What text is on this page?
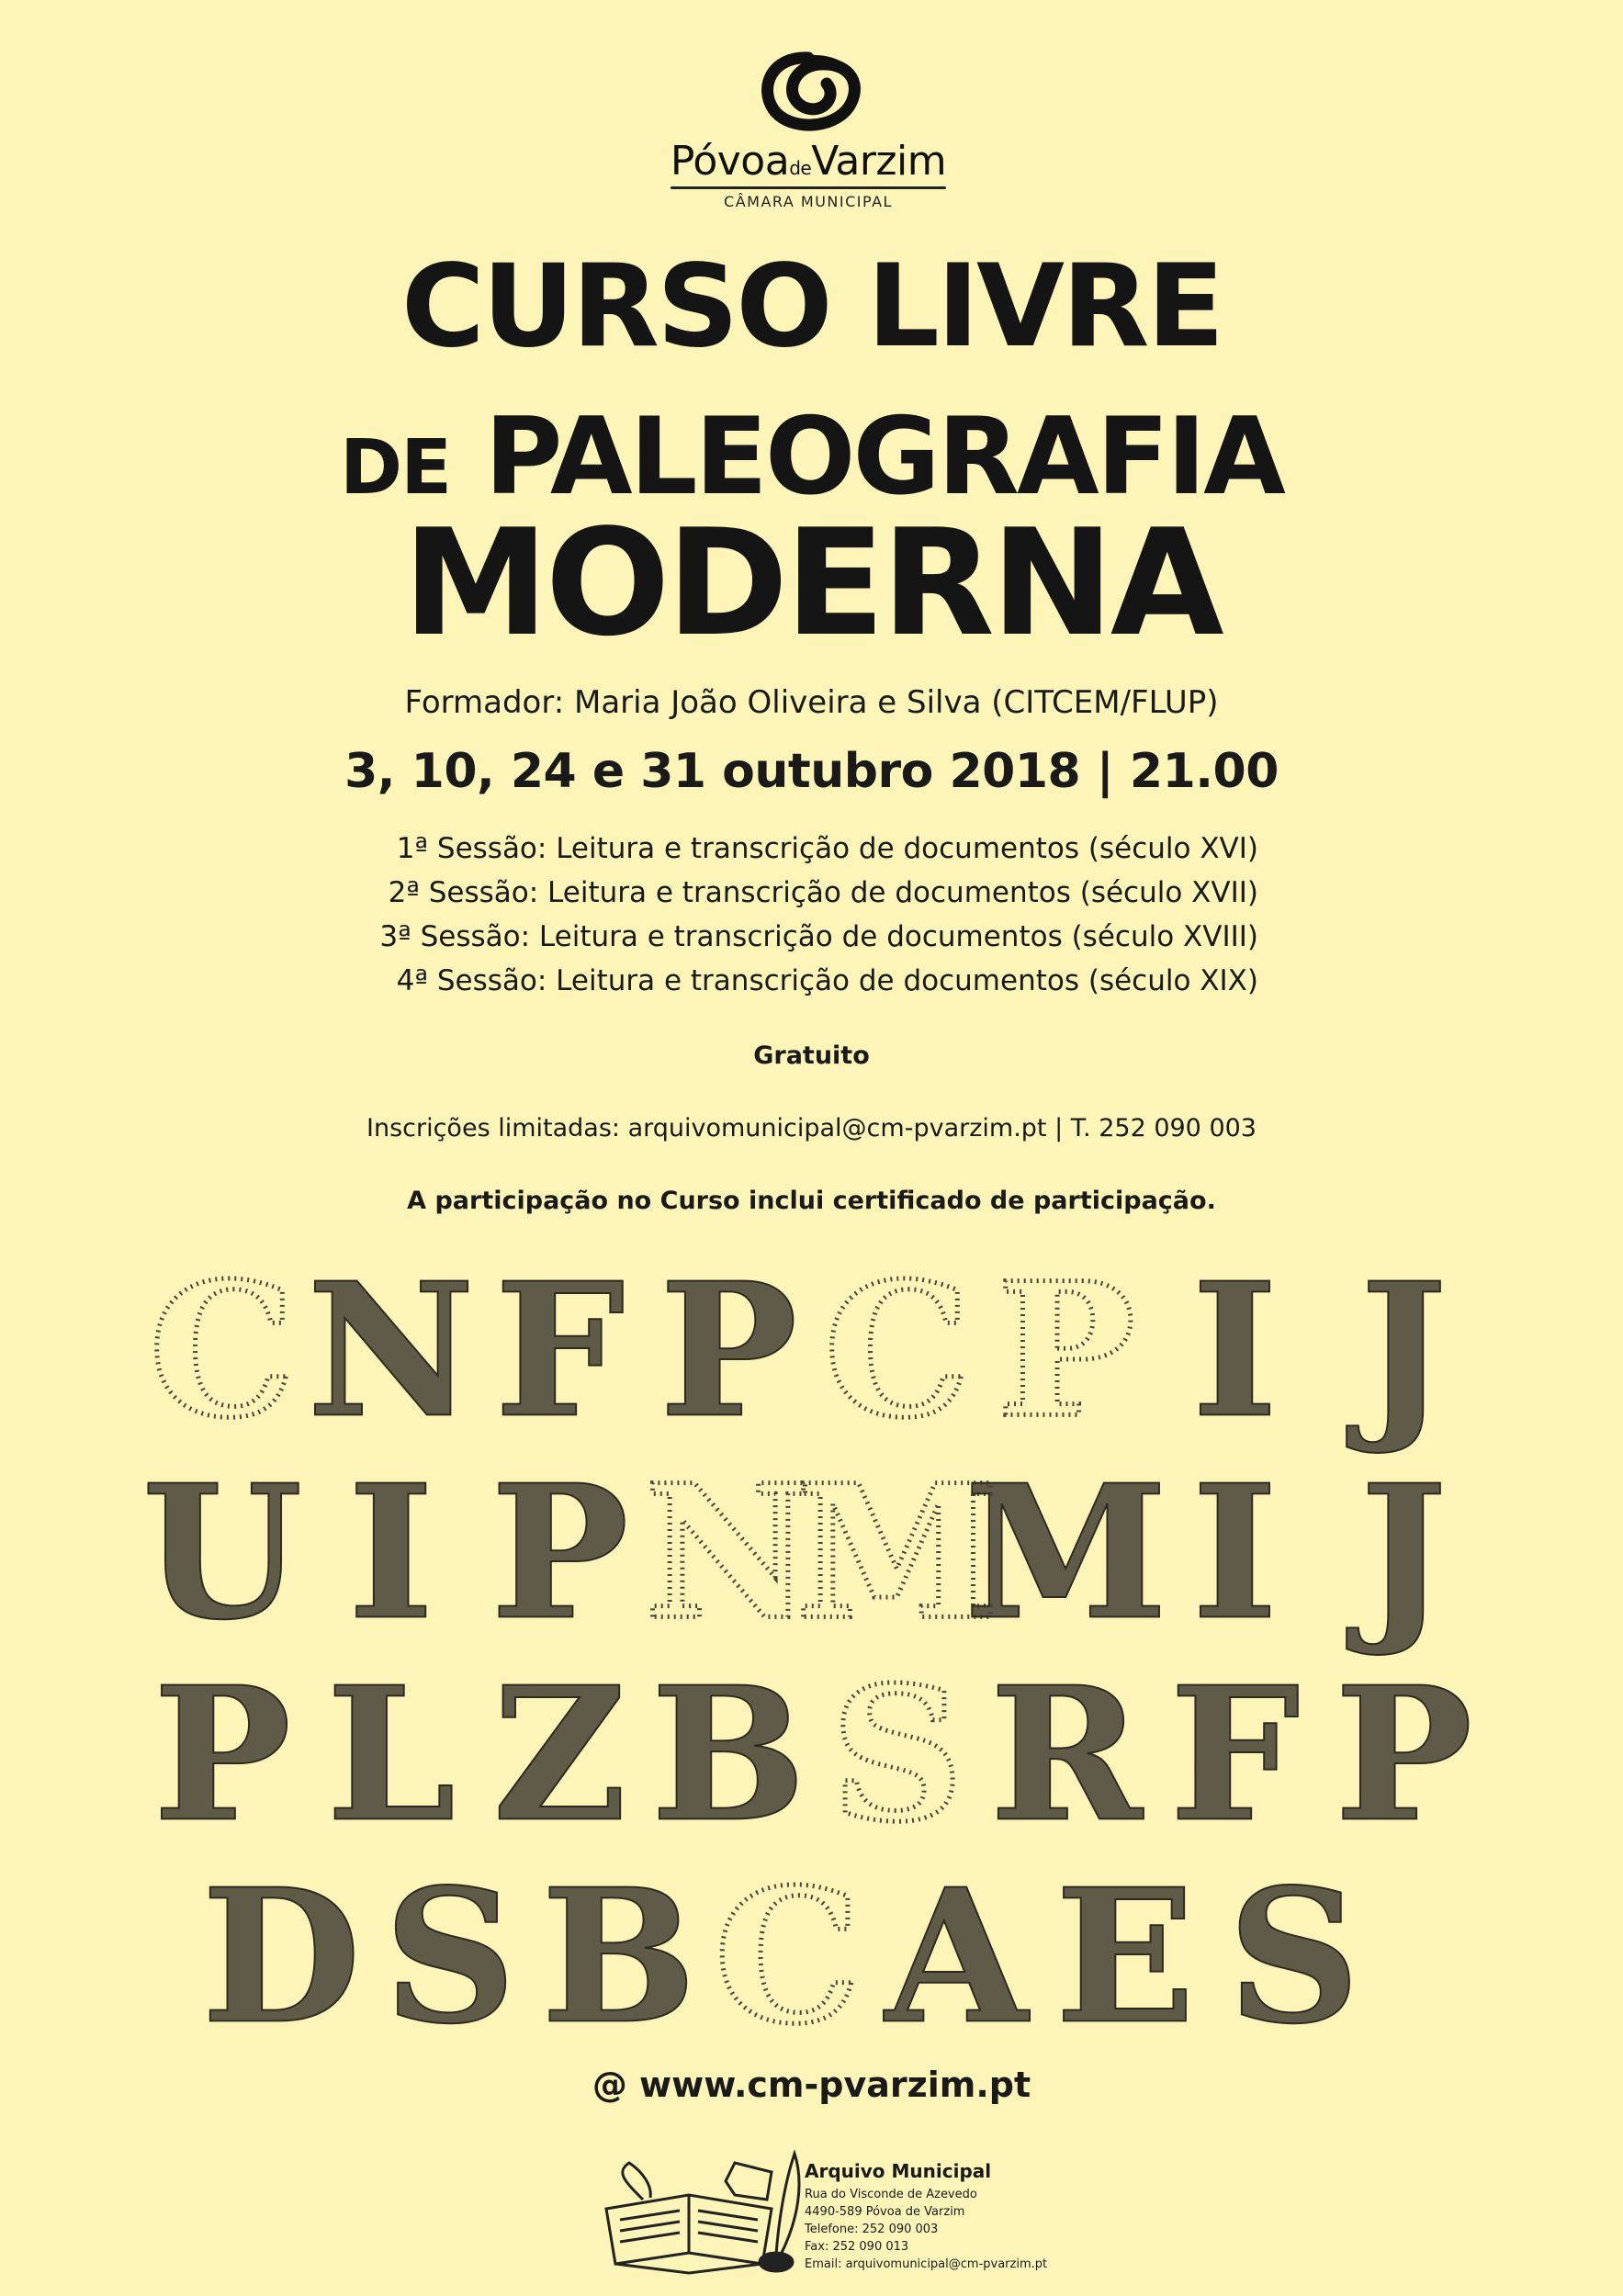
PóvoadeVarzim
CÂMARA MUNICIPAL
CURSO LIVRE
DE PALEOGRAFIA
MODERNA

Formador: Maria João Oliveira e Silva (CITCEM/FLUP)

3, 10, 24 e 31 outubro 2018 | 21.00

1ª Sessão: Leitura e transcrição de documentos (século XVI)
2ª Sessão: Leitura e transcrição de documentos (século XVII)
3ª Sessão: Leitura e transcrição de documentos (século XVIII)
4ª Sessão: Leitura e transcrição de documentos (século XIX)

Gratuito

Inscrições limitadas: arquivomunicipal@cm-pvarzim.pt | T. 252 090 003

A participação no Curso inclui certificado de participação.

C N F P C P I J
U I P N
M
M I J
P L Z B S R F P
D S B C A E S

@ www.cm-pvarzim.pt

Arquivo Municipal

Rua do Visconde de Azevedo

4490-589 Póvoa de Varzim

Telefone: 252 090 003

Fax: 252 090 013

Email: arquivomunicipal@cm-pvarzim.pt
